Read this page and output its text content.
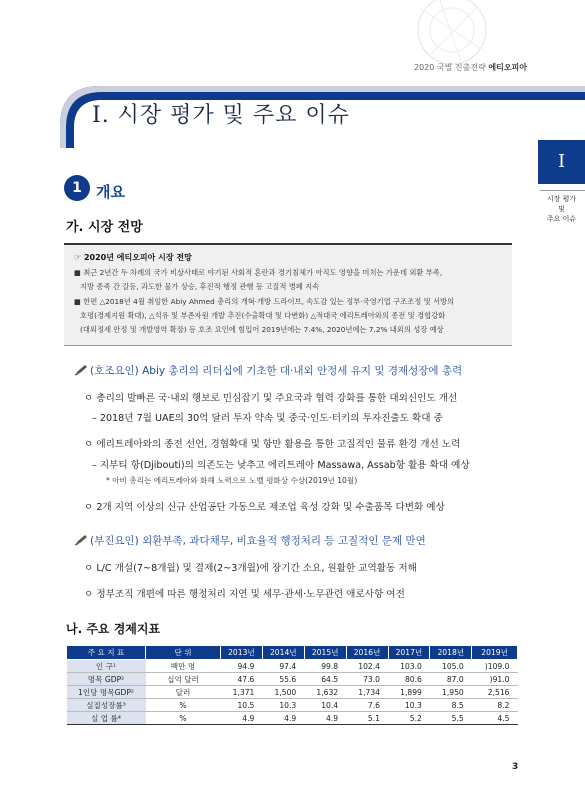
2020 국별 진출전략 에티오피아
I. 시장 평가 및 주요 이슈
I
시장 평가
및
주요 이슈
1 개요
가. 시장 전망
☞ 2020년 에티오피아 시장 전망
■ 최근 2년간 두 차례의 국가 비상사태로 야기된 사회적 혼란과 경기침체가 아직도 영향을 미치는 가운데 외환 부족,
지방 종족 간 갈등, 과도한 물가 상승, 후진적 행정 관행 등 고질적 병폐 지속
■ 한편 △2018년 4월 취임한 Abiy Ahmed 총리의 개혁·개방 드라이브, 속도감 있는 정부·국영기업 구조조정 및 서방의
호평(경제지원 확대), △석유 및 부존자원 개발 추진(수출확대 및 다변화) △적대국 에리트레아와의 종전 및 경협강화
(대외정세 안정 및 개발영역 확장) 등 호조 요인에 힘입어 2019년에는 7.4%, 2020년에는 7.2% 내외의 성장 예상
(호조요인) Abiy 총리의 리더십에 기초한 대·내외 안정세 유지 및 경제성장에 총력
ㅇ 총리의 발빠른 국·내외 행보로 민심잡기 및 주요국과 협력 강화를 통한 대외신인도 개선
– 2018년 7월 UAE의 30억 달러 투자 약속 및 중국·인도·터키의 투자진출도 확대 중
ㅇ 에리트레아와의 종전 선언, 경협확대 및 항만 활용을 통한 고질적인 물류 환경 개선 노력
– 지부티 항(Djibouti)의 의존도는 낮추고 에리트레아 Massawa, Assab항 활용 확대 예상
* 아비 총리는 에리트레아와 화해 노력으로 노벨 평화상 수상(2019년 10월)
ㅇ 2개 지역 이상의 신규 산업공단 가동으로 제조업 육성 강화 및 수출품목 다변화 예상
(부진요인) 외환부족, 과다채무, 비효율적 행정처리 등 고질적인 문제 만연
ㅇ L/C 개설(7~8개월) 및 결제(2~3개월)에 장기간 소요, 원활한 교역활동 저해
ㅇ 정부조직 개편에 따른 행정처리 지연 및 세무·관세·노무관련 애로사항 여전
나. 주요 경제지표
주 요 지 표	단 위	2013년	2014년	2015년	2016년	2017년	2018년	2019년
인 구¹	백만 명	94.9	97.4	99.8	102.4	103.0	105.0	)109.0
명목 GDP²	십억 달러	47.6	55.6	64.5	73.0	80.6	87.0	)91.0
1인당 명목GDP²	달러	1,371	1,500	1,632	1,734	1,899	1,950	2,516
실질성장률³	%	10.5	10.3	10.4	7.6	10.3	8.5	8.2
실 업 률⁴	%	4.9	4.9	4.9	5.1	5.2	5.5	4.5
3
